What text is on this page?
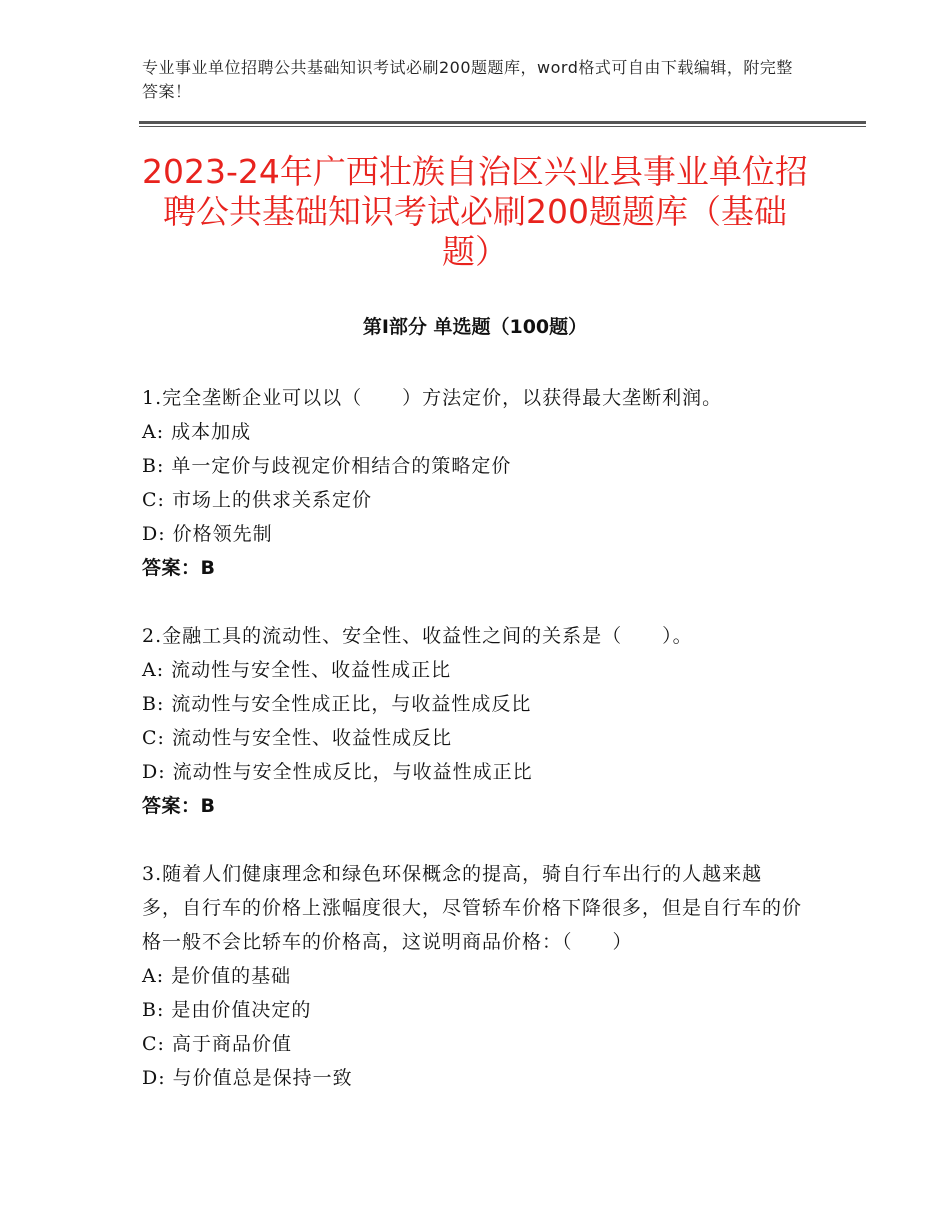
专业事业单位招聘公共基础知识考试必刷200题题库，word格式可自由下载编辑，附完整答案！
2023-24年广西壮族自治区兴业县事业单位招聘公共基础知识考试必刷200题题库（基础题）
第Ⅰ部分 单选题（100题）
1.完全垄断企业可以以（　　）方法定价，以获得最大垄断利润。
A: 成本加成
B: 单一定价与歧视定价相结合的策略定价
C: 市场上的供求关系定价
D: 价格领先制
答案：B
2.金融工具的流动性、安全性、收益性之间的关系是（　　）。
A: 流动性与安全性、收益性成正比
B: 流动性与安全性成正比，与收益性成反比
C: 流动性与安全性、收益性成反比
D: 流动性与安全性成反比，与收益性成正比
答案：B
3.随着人们健康理念和绿色环保概念的提高，骑自行车出行的人越来越多，自行车的价格上涨幅度很大，尽管轿车价格下降很多，但是自行车的价格一般不会比轿车的价格高，这说明商品价格：（　　）
A: 是价值的基础
B: 是由价值决定的
C: 高于商品价值
D: 与价值总是保持一致
